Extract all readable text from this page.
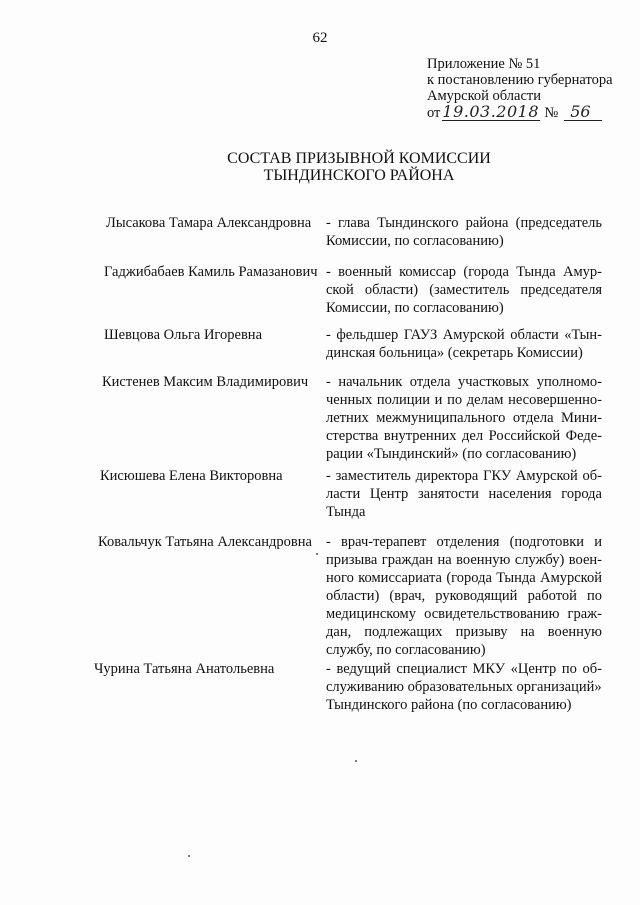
62
Приложение № 51
к постановлению губернатора
Амурской области
от 19.03.2018 № 56
СОСТАВ ПРИЗЫВНОЙ КОМИССИИ
ТЫНДИНСКОГО РАЙОНА
Лысакова Тамара Александровна - глава Тындинского района (председатель
Комиссии, по согласованию)
Гаджибабаев Камиль Рамазанович - военный комиссар (города Тында Амур-
ской области) (заместитель председателя
Комиссии, по согласованию)
Шевцова Ольга Игоревна	- фельдшер ГАУЗ Амурской области «Тын-
динская больница» (секретарь Комиссии)
Кистенев Максим Владимирович - начальник отдела участковых уполномо-
ченных полиции и по делам несовершенно-
летних межмуниципального отдела Мини-
стерства внутренних дел Российской Феде-
рации «Тындинский» (по согласованию)
Кисюшева Елена Викторовна	- заместитель директора ГКУ Амурской об-
ласти Центр занятости населения города
Тында
Ковальчук Татьяна Александровна - врач-терапевт отделения (подготовки и
призыва граждан на военную службу) воен-
ного комиссариата (города Тында Амурской
области) (врач, руководящий работой по
медицинскому освидетельствованию граж-
дан, подлежащих призыву на военную
службу, по согласованию)
Чурина Татьяна Анатольевна	- ведущий специалист МКУ «Центр по об-
служиванию образовательных организаций»
Тындинского района (по согласованию)
